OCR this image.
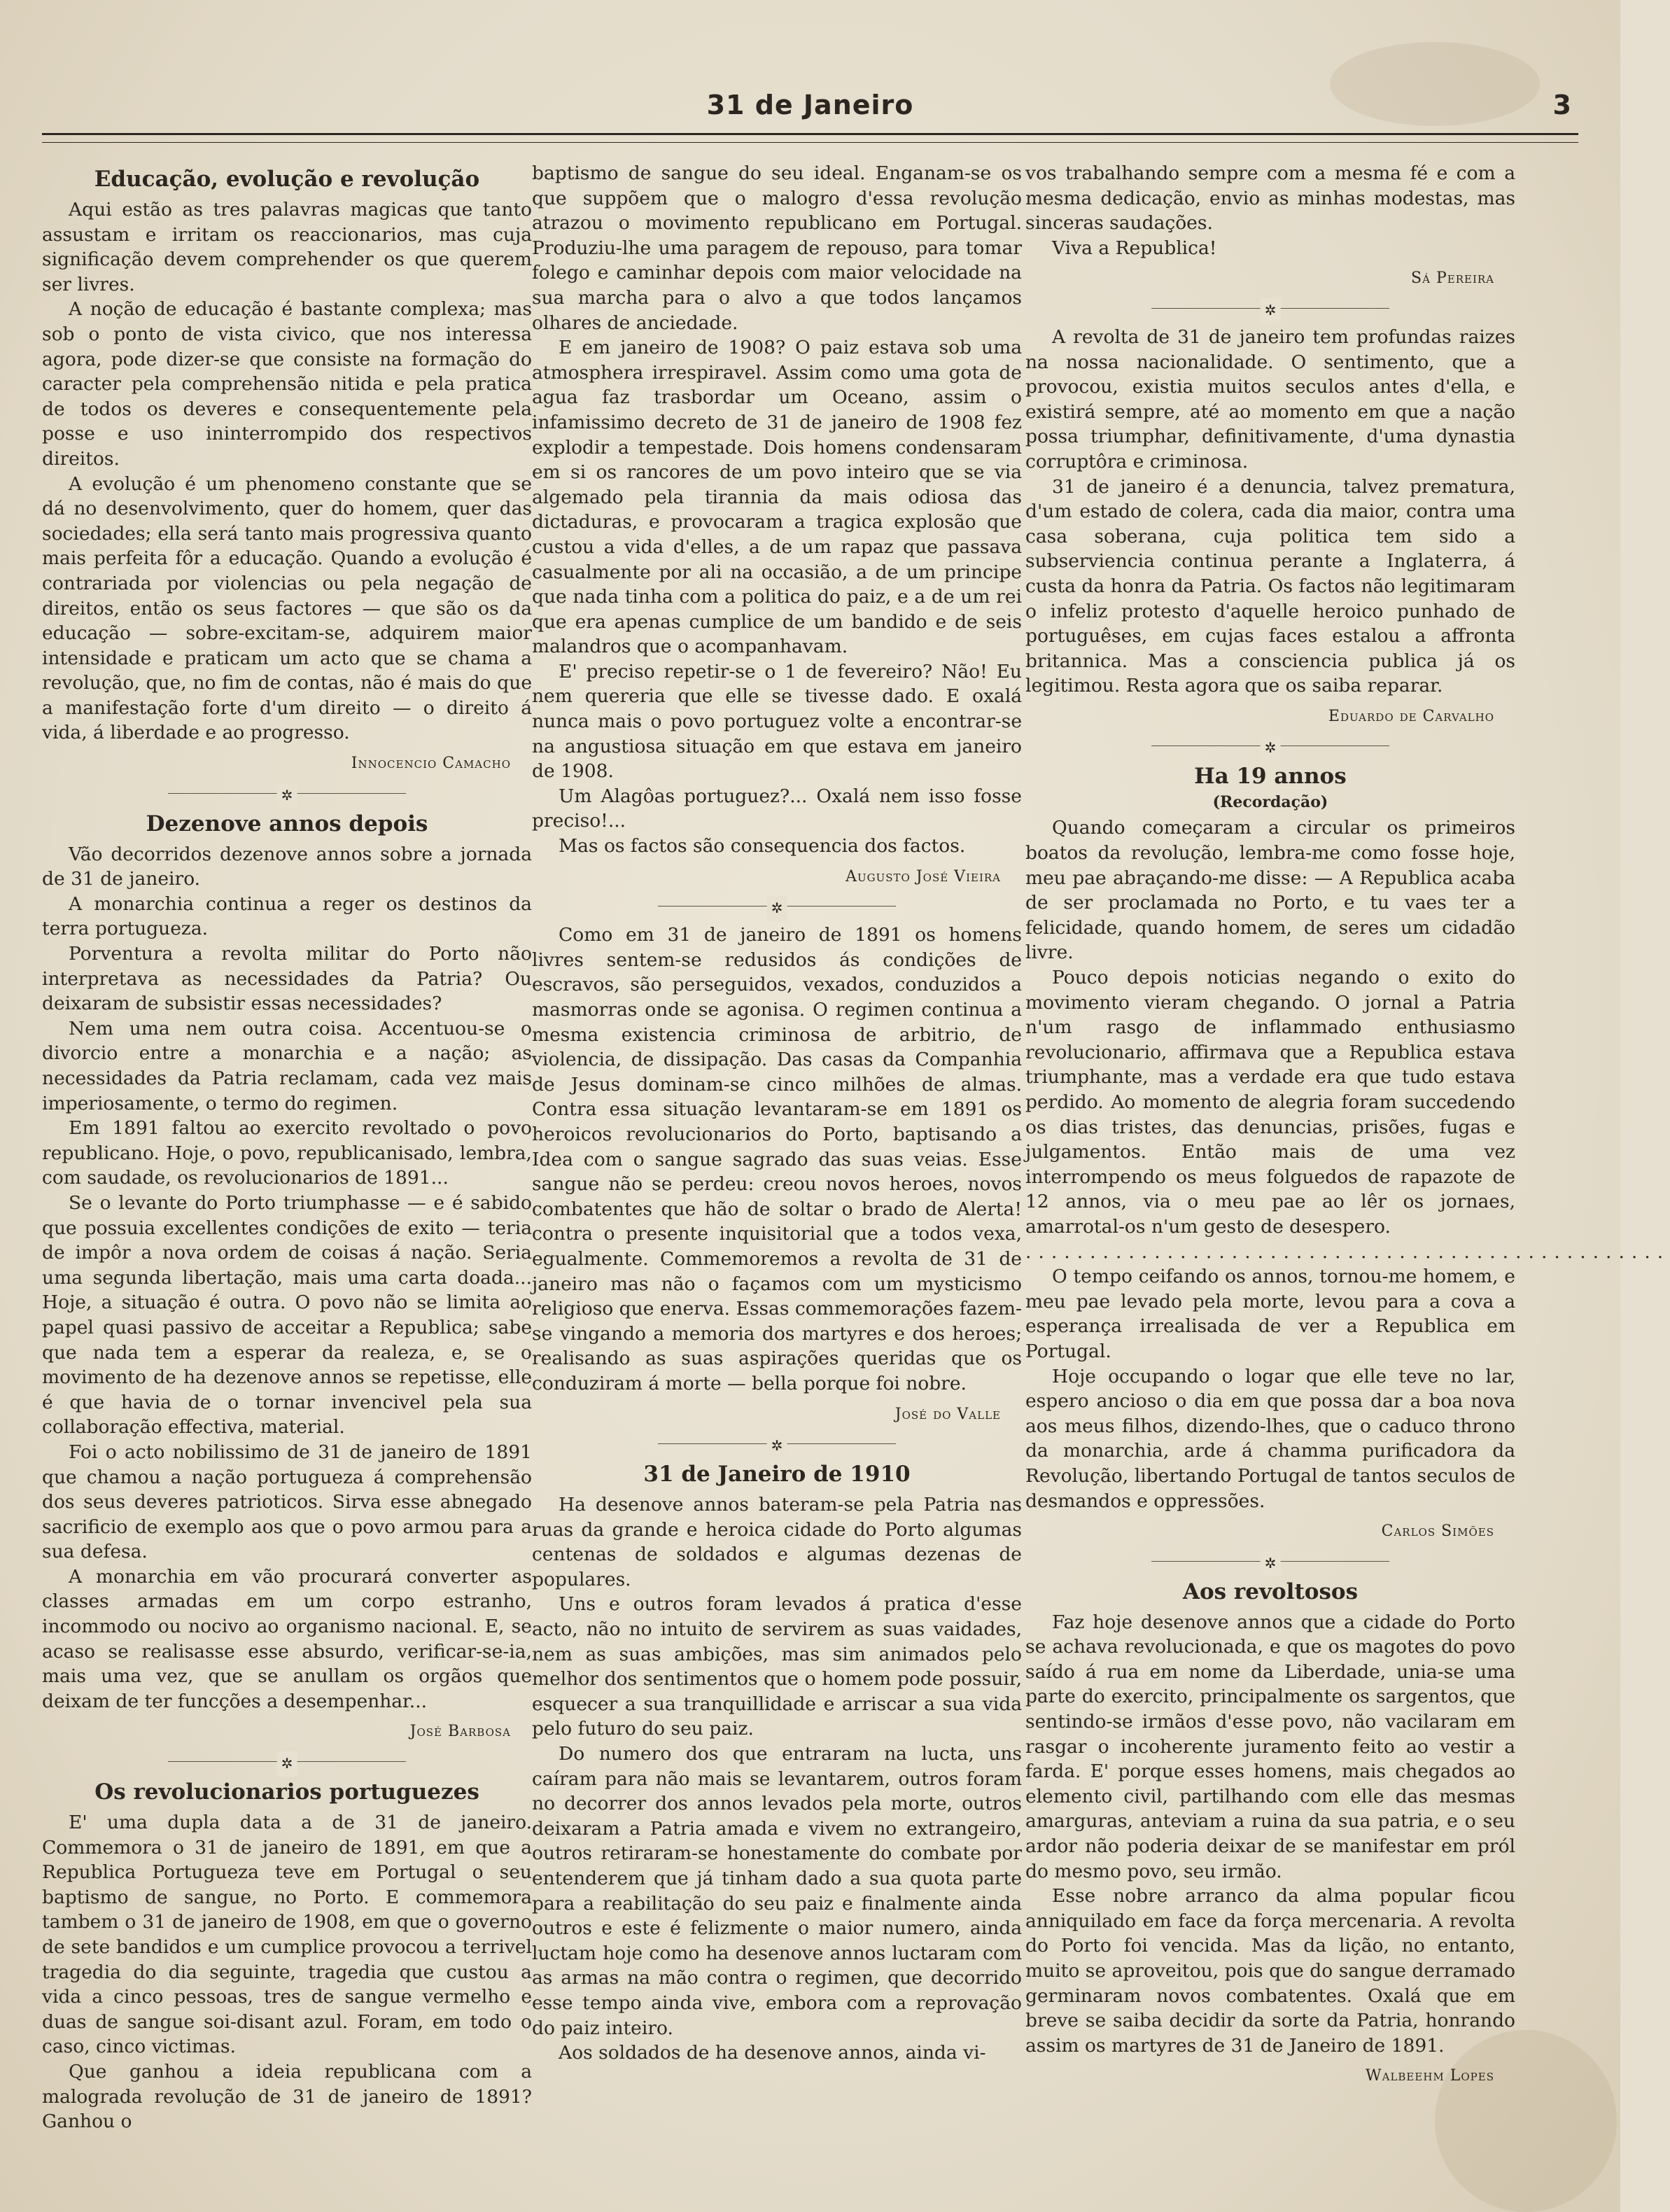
31 de Janeiro	3
Educação, evolução e revolução

Aqui estão as tres palavras magicas que tanto assustam e irritam os reaccionarios, mas cuja significação devem comprehender os que querem ser livres.

A noção de educação é bastante complexa; mas sob o ponto de vista civico, que nos interessa agora, pode dizer-se que consiste na formação do caracter pela comprehensão nitida e pela pratica de todos os deveres e consequentemente pela posse e uso ininterrompido dos respectivos direitos.

A evolução é um phenomeno constante que se dá no desenvolvimento, quer do homem, quer das sociedades; ella será tanto mais progressiva quanto mais perfeita fôr a educação. Quando a evolução é contrariada por violencias ou pela negação de direitos, então os seus factores — que são os da educação — sobre-excitam-se, adquirem maior intensidade e praticam um acto que se chama a revolução, que, no fim de contas, não é mais do que a manifestação forte d'um direito — o direito á vida, á liberdade e ao progresso.

Innocencio Camacho
✲
Dezenove annos depois

Vão decorridos dezenove annos sobre a jornada de 31 de janeiro.

A monarchia continua a reger os destinos da terra portugueza.

Porventura a revolta militar do Porto não interpretava as necessidades da Patria? Ou deixaram de subsistir essas necessidades?

Nem uma nem outra coisa. Accentuou-se o divorcio entre a monarchia e a nação; as necessidades da Patria reclamam, cada vez mais imperiosamente, o termo do regimen.

Em 1891 faltou ao exercito revoltado o povo republicano. Hoje, o povo, republicanisado, lembra, com saudade, os revolucionarios de 1891...

Se o levante do Porto triumphasse — e é sabido que possuia excellentes condições de exito — teria de impôr a nova ordem de coisas á nação. Seria uma segunda libertação, mais uma carta doada... Hoje, a situação é outra. O povo não se limita ao papel quasi passivo de acceitar a Republica; sabe que nada tem a esperar da realeza, e, se o movimento de ha dezenove annos se repetisse, elle é que havia de o tornar invencivel pela sua collaboração effectiva, material.

Foi o acto nobilissimo de 31 de janeiro de 1891 que chamou a nação portugueza á comprehensão dos seus deveres patrioticos. Sirva esse abnegado sacrificio de exemplo aos que o povo armou para a sua defesa.

A monarchia em vão procurará converter as classes armadas em um corpo estranho, incommodo ou nocivo ao organismo nacional. E, se acaso se realisasse esse absurdo, verificar-se-ia, mais uma vez, que se anullam os orgãos que deixam de ter funcções a desempenhar...

José Barbosa
✲
Os revolucionarios portuguezes

E' uma dupla data a de 31 de janeiro. Commemora o 31 de janeiro de 1891, em que a Republica Portugueza teve em Portugal o seu baptismo de sangue, no Porto. E commemora tambem o 31 de janeiro de 1908, em que o governo de sete bandidos e um cumplice provocou a terrivel tragedia do dia seguinte, tragedia que custou a vida a cinco pessoas, tres de sangue vermelho e duas de sangue soi-disant azul. Foram, em todo o caso, cinco victimas.

Que ganhou a ideia republicana com a malograda revolução de 31 de janeiro de 1891? Ganhou o

baptismo de sangue do seu ideal. Enganam-se os que suppõem que o malogro d'essa revolução atrazou o movimento republicano em Portugal. Produziu-lhe uma paragem de repouso, para tomar folego e caminhar depois com maior velocidade na sua marcha para o alvo a que todos lançamos olhares de anciedade.

E em janeiro de 1908? O paiz estava sob uma atmosphera irrespiravel. Assim como uma gota de agua faz trasbordar um Oceano, assim o infamissimo decreto de 31 de janeiro de 1908 fez explodir a tempestade. Dois homens condensaram em si os rancores de um povo inteiro que se via algemado pela tirannia da mais odiosa das dictaduras, e provocaram a tragica explosão que custou a vida d'elles, a de um rapaz que passava casualmente por ali na occasião, a de um principe que nada tinha com a politica do paiz, e a de um rei que era apenas cumplice de um bandido e de seis malandros que o acompanhavam.

E' preciso repetir-se o 1 de fevereiro? Não! Eu nem quereria que elle se tivesse dado. E oxalá nunca mais o povo portuguez volte a encontrar-se na angustiosa situação em que estava em janeiro de 1908.

Um Alagôas portuguez?... Oxalá nem isso fosse preciso!...

Mas os factos são consequencia dos factos.

Augusto José Vieira
✲

Como em 31 de janeiro de 1891 os homens livres sentem-se redusidos ás condições de escravos, são perseguidos, vexados, conduzidos a masmorras onde se agonisa. O regimen continua a mesma existencia criminosa de arbitrio, de violencia, de dissipação. Das casas da Companhia de Jesus dominam-se cinco milhões de almas. Contra essa situação levantaram-se em 1891 os heroicos revolucionarios do Porto, baptisando a Idea com o sangue sagrado das suas veias. Esse sangue não se perdeu: creou novos heroes, novos combatentes que hão de soltar o brado de Alerta! contra o presente inquisitorial que a todos vexa, egualmente. Commemoremos a revolta de 31 de janeiro mas não o façamos com um mysticismo religioso que enerva. Essas commemorações fazem-se vingando a memoria dos martyres e dos heroes; realisando as suas aspirações queridas que os conduziram á morte — bella porque foi nobre.

José do Valle
✲
31 de Janeiro de 1910

Ha desenove annos bateram-se pela Patria nas ruas da grande e heroica cidade do Porto algumas centenas de soldados e algumas dezenas de populares.

Uns e outros foram levados á pratica d'esse acto, não no intuito de servirem as suas vaidades, nem as suas ambições, mas sim animados pelo melhor dos sentimentos que o homem pode possuir, esquecer a sua tranquillidade e arriscar a sua vida pelo futuro do seu paiz.

Do numero dos que entraram na lucta, uns caíram para não mais se levantarem, outros foram no decorrer dos annos levados pela morte, outros deixaram a Patria amada e vivem no extrangeiro, outros retiraram-se honestamente do combate por entenderem que já tinham dado a sua quota parte para a reabilitação do seu paiz e finalmente ainda outros e este é felizmente o maior numero, ainda luctam hoje como ha desenove annos luctaram com as armas na mão contra o regimen, que decorrido esse tempo ainda vive, embora com a reprovação do paiz inteiro.

Aos soldados de ha desenove annos, ainda vi-

vos trabalhando sempre com a mesma fé e com a mesma dedicação, envio as minhas modestas, mas sinceras saudações.

Viva a Republica!

Sá Pereira
✲

A revolta de 31 de janeiro tem profundas raizes na nossa nacionalidade. O sentimento, que a provocou, existia muitos seculos antes d'ella, e existirá sempre, até ao momento em que a nação possa triumphar, definitivamente, d'uma dynastia corruptôra e criminosa.

31 de janeiro é a denuncia, talvez prematura, d'um estado de colera, cada dia maior, contra uma casa soberana, cuja politica tem sido a subserviencia continua perante a Inglaterra, á custa da honra da Patria. Os factos não legitimaram o infeliz protesto d'aquelle heroico punhado de portuguêses, em cujas faces estalou a affronta britannica. Mas a consciencia publica já os legitimou. Resta agora que os saiba reparar.

Eduardo de Carvalho
✲
Ha 19 annos
(Recordação)

Quando começaram a circular os primeiros boatos da revolução, lembra-me como fosse hoje, meu pae abraçando-me disse: — A Republica acaba de ser proclamada no Porto, e tu vaes ter a felicidade, quando homem, de seres um cidadão livre.

Pouco depois noticias negando o exito do movimento vieram chegando. O jornal a Patria n'um rasgo de inflammado enthusiasmo revolucionario, affirmava que a Republica estava triumphante, mas a verdade era que tudo estava perdido. Ao momento de alegria foram succedendo os dias tristes, das denuncias, prisões, fugas e julgamentos. Então mais de uma vez interrompendo os meus folguedos de rapazote de 12 annos, via o meu pae ao lêr os jornaes, amarrotal-os n'um gesto de desespero.

..................................................

O tempo ceifando os annos, tornou-me homem, e meu pae levado pela morte, levou para a cova a esperança irrealisada de ver a Republica em Portugal.

Hoje occupando o logar que elle teve no lar, espero ancioso o dia em que possa dar a boa nova aos meus filhos, dizendo-lhes, que o caduco throno da monarchia, arde á chamma purificadora da Revolução, libertando Portugal de tantos seculos de desmandos e oppressões.

Carlos Simões
✲
Aos revoltosos

Faz hoje desenove annos que a cidade do Porto se achava revolucionada, e que os magotes do povo saído á rua em nome da Liberdade, unia-se uma parte do exercito, principalmente os sargentos, que sentindo-se irmãos d'esse povo, não vacilaram em rasgar o incoherente juramento feito ao vestir a farda. E' porque esses homens, mais chegados ao elemento civil, partilhando com elle das mesmas amarguras, anteviam a ruina da sua patria, e o seu ardor não poderia deixar de se manifestar em pról do mesmo povo, seu irmão.

Esse nobre arranco da alma popular ficou anniquilado em face da força mercenaria. A revolta do Porto foi vencida. Mas da lição, no entanto, muito se aproveitou, pois que do sangue derramado germinaram novos combatentes. Oxalá que em breve se saiba decidir da sorte da Patria, honrando assim os martyres de 31 de Janeiro de 1891.

Walbeehm Lopes
